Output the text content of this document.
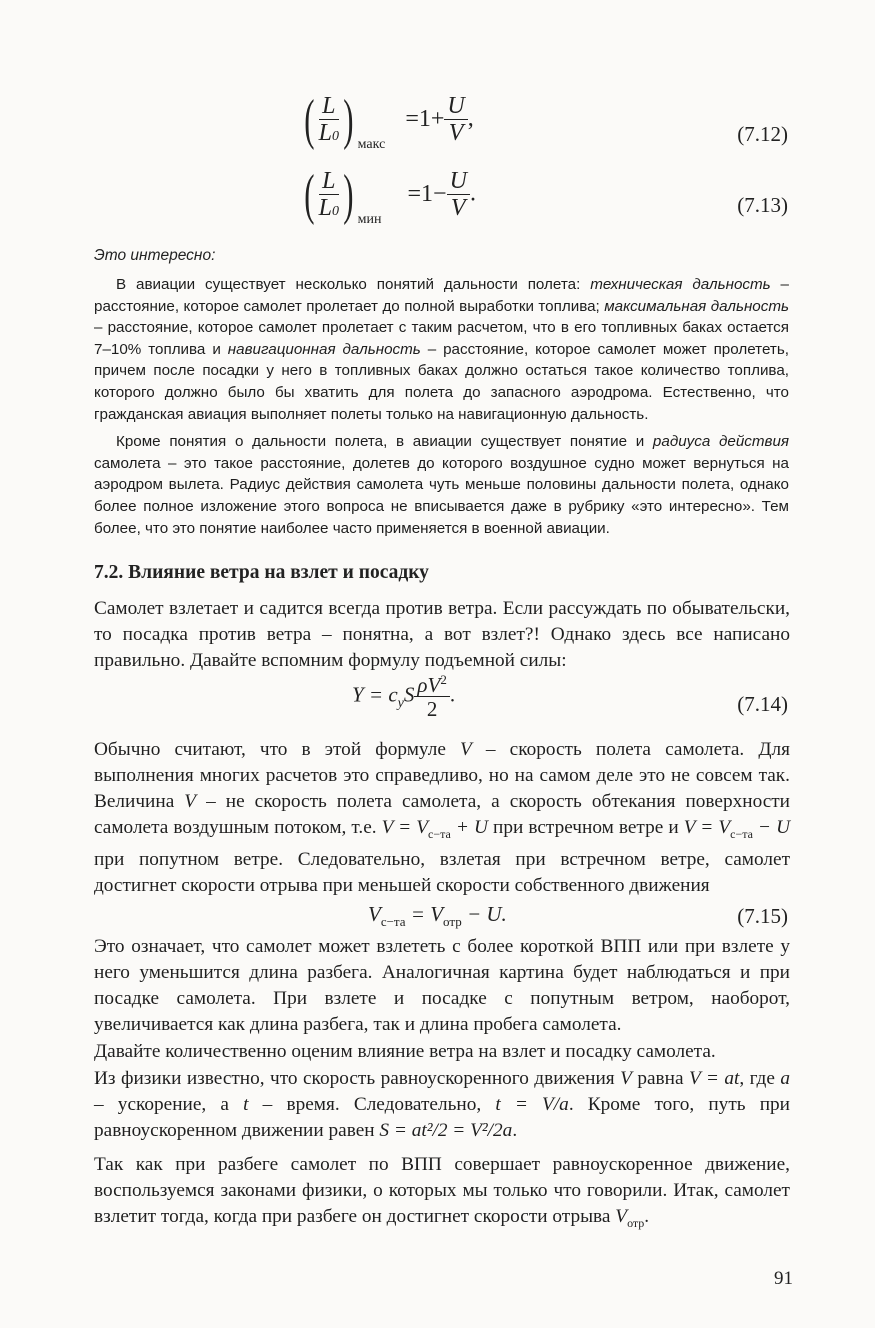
( $\frac{L}{L0}$ ) $_{макс} =1+ \frac{U}{V}$ ,
(7.12)
( $\frac{L}{L0}$ ) $_{мин} =1- \frac{U}{V}$ .	(7.13)
Это интересно:

В авиации существует несколько понятий дальности полета: техническая дальность – расстояние, которое самолет пролетает до полной выработки топлива; максимальная дальность – расстояние, которое самолет пролетает с таким расчетом, что в его топливных баках остается 7–10% топлива и навигационная дальность – расстояние, которое самолет может пролететь, причем после посадки у него в топливных баках должно остаться такое количество топлива, которого должно было бы хватить для полета до запасного аэродрома. Естественно, что гражданская авиация выполняет полеты только на навигационную дальность.

Кроме понятия о дальности полета, в авиации существует понятие и радиуса действия самолета – это такое расстояние, долетев до которого воздушное судно может вернуться на аэродром вылета. Радиус действия самолета чуть меньше половины дальности полета, однако более полное изложение этого вопроса не вписывается даже в рубрику «это интересно». Тем более, что это понятие наиболее часто применяется в военной авиации.

7.2. Влияние ветра на взлет и посадку

Самолет взлетает и садится всегда против ветра. Если рассуждать по обывательски, то посадка против ветра – понятна, а вот взлет?! Однако здесь все написано правильно. Давайте вспомним формулу подъемной силы:

$Y = c_yS \frac{\rho V^2}{2}$ .	(7.14)

Обычно считают, что в этой формуле V – скорость полета самолета. Для выполнения многих расчетов это справедливо, но на самом деле это не совсем так. Величина V – не скорость полета самолета, а скорость обтекания поверхности самолета воздушным потоком, т.е. $V = V_{с-та} + U$ при встречном ветре и $V = V_{с-та} - U$ при попутном ветре. Следовательно, взлетая при встречном ветре, самолет достигнет скорости отрыва при меньшей скорости собственного движения

$V_{с-та} = V_{отр} - U$.	(7.15)

Это означает, что самолет может взлететь с более короткой ВПП или при взлете у него уменьшится длина разбега. Аналогичная картина будет наблюдаться и при посадке самолета. При взлете и посадке с попутным ветром, наоборот, увеличивается как длина разбега, так и длина пробега самолета.

Давайте количественно оценим влияние ветра на взлет и посадку самолета.

Из физики известно, что скорость равноускоренного движения V равна V = at, где a – ускорение, а t – время. Следовательно, t = V/a. Кроме того, путь при равноускоренном движении равен S = at²/2 = V²/2a.

Так как при разбеге самолет по ВПП совершает равноускоренное движение, воспользуемся законами физики, о которых мы только что говорили. Итак, самолет взлетит тогда, когда при разбеге он достигнет скорости отрыва $V_{отр}$.

91
